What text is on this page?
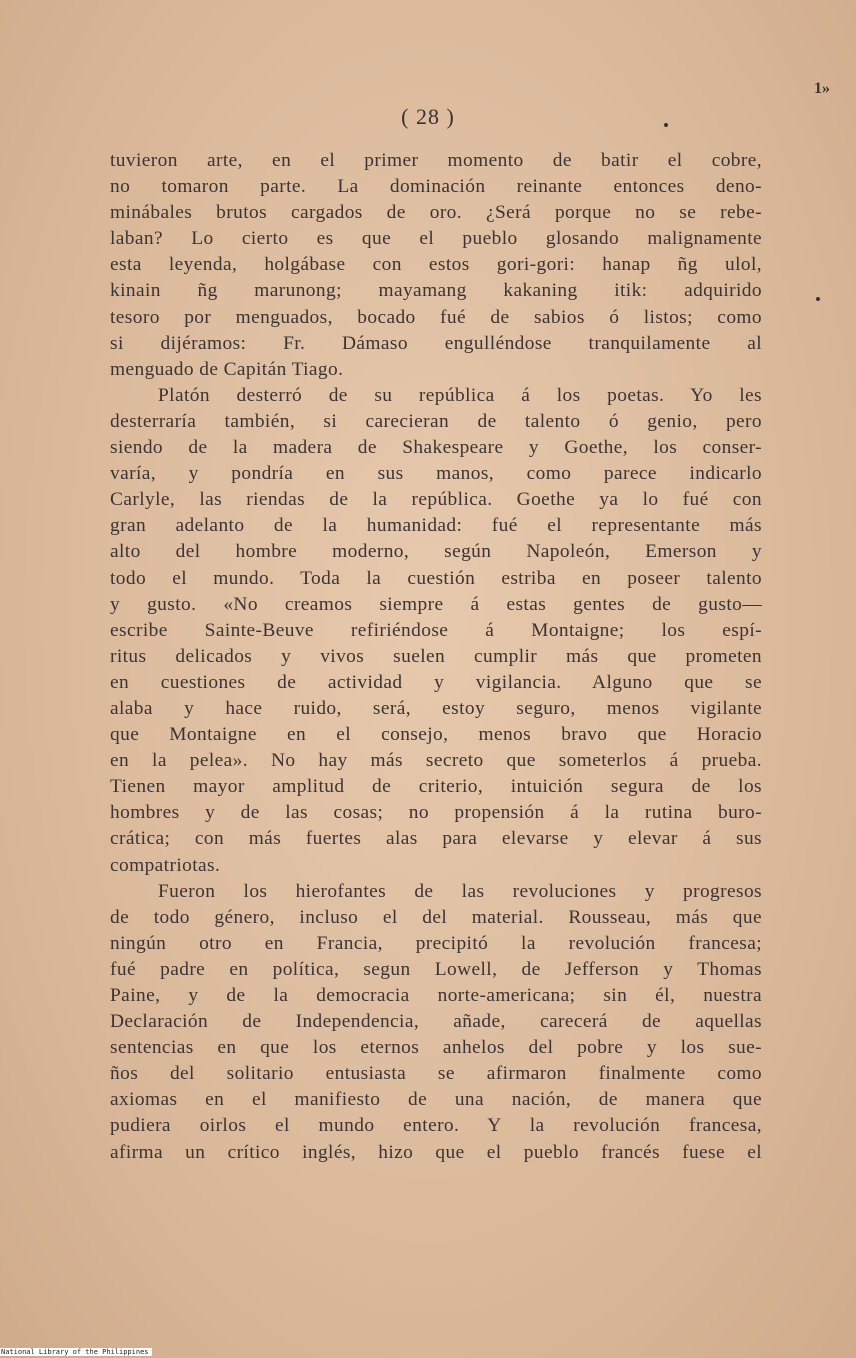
1»
( 28 )
tuvieron arte, en el primer momento de batir el cobre,
no tomaron parte. La dominación reinante entonces deno-
minábales brutos cargados de oro. ¿Será porque no se rebe-
laban? Lo cierto es que el pueblo glosando malignamente
esta leyenda, holgábase con estos gori-gori: hanap ñg ulol,
kinain ñg marunong; mayamang kakaning itik: adquirido
tesoro por menguados, bocado fué de sabios ó listos; como
si dijéramos: Fr. Dámaso engulléndose tranquilamente al
menguado de Capitán Tiago.
Platón desterró de su república á los poetas. Yo les
desterraría también, si carecieran de talento ó genio, pero
siendo de la madera de Shakespeare y Goethe, los conser-
varía, y pondría en sus manos, como parece indicarlo
Carlyle, las riendas de la república. Goethe ya lo fué con
gran adelanto de la humanidad: fué el representante más
alto del hombre moderno, según Napoleón, Emerson y
todo el mundo. Toda la cuestión estriba en poseer talento
y gusto. «No creamos siempre á estas gentes de gusto—
escribe Sainte-Beuve refiriéndose á Montaigne; los espí-
ritus delicados y vivos suelen cumplir más que prometen
en cuestiones de actividad y vigilancia. Alguno que se
alaba y hace ruido, será, estoy seguro, menos vigilante
que Montaigne en el consejo, menos bravo que Horacio
en la pelea». No hay más secreto que someterlos á prueba.
Tienen mayor amplitud de criterio, intuición segura de los
hombres y de las cosas; no propensión á la rutina buro-
crática; con más fuertes alas para elevarse y elevar á sus
compatriotas.
Fueron los hierofantes de las revoluciones y progresos
de todo género, incluso el del material. Rousseau, más que
ningún otro en Francia, precipitó la revolución francesa;
fué padre en política, segun Lowell, de Jefferson y Thomas
Paine, y de la democracia norte-americana; sin él, nuestra
Declaración de Independencia, añade, carecerá de aquellas
sentencias en que los eternos anhelos del pobre y los sue-
ños del solitario entusiasta se afirmaron finalmente como
axiomas en el manifiesto de una nación, de manera que
pudiera oirlos el mundo entero. Y la revolución francesa,
afirma un crítico inglés, hizo que el pueblo francés fuese el
National Library of the Philippines
